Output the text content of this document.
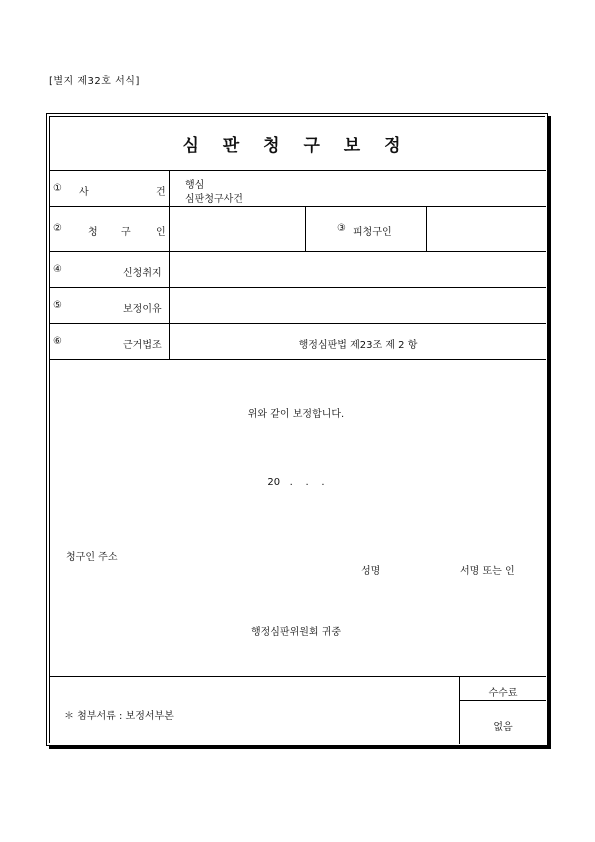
[별지 제32호 서식]
심 판 청 구 보 정
① 사	건
행심
심판청구사건
②	청 구	인	③ 피청구인
④	신청취지
⑤	보정이유
⑥	근거법조	행정심판법 제23조 제 2 항
위와 같이 보정합니다.
20   .    .    .
청구인 주소
성명	서명 또는 인
행정심판위원회 귀중
＊ 첨부서류 : 보정서부본
수수료
없음
